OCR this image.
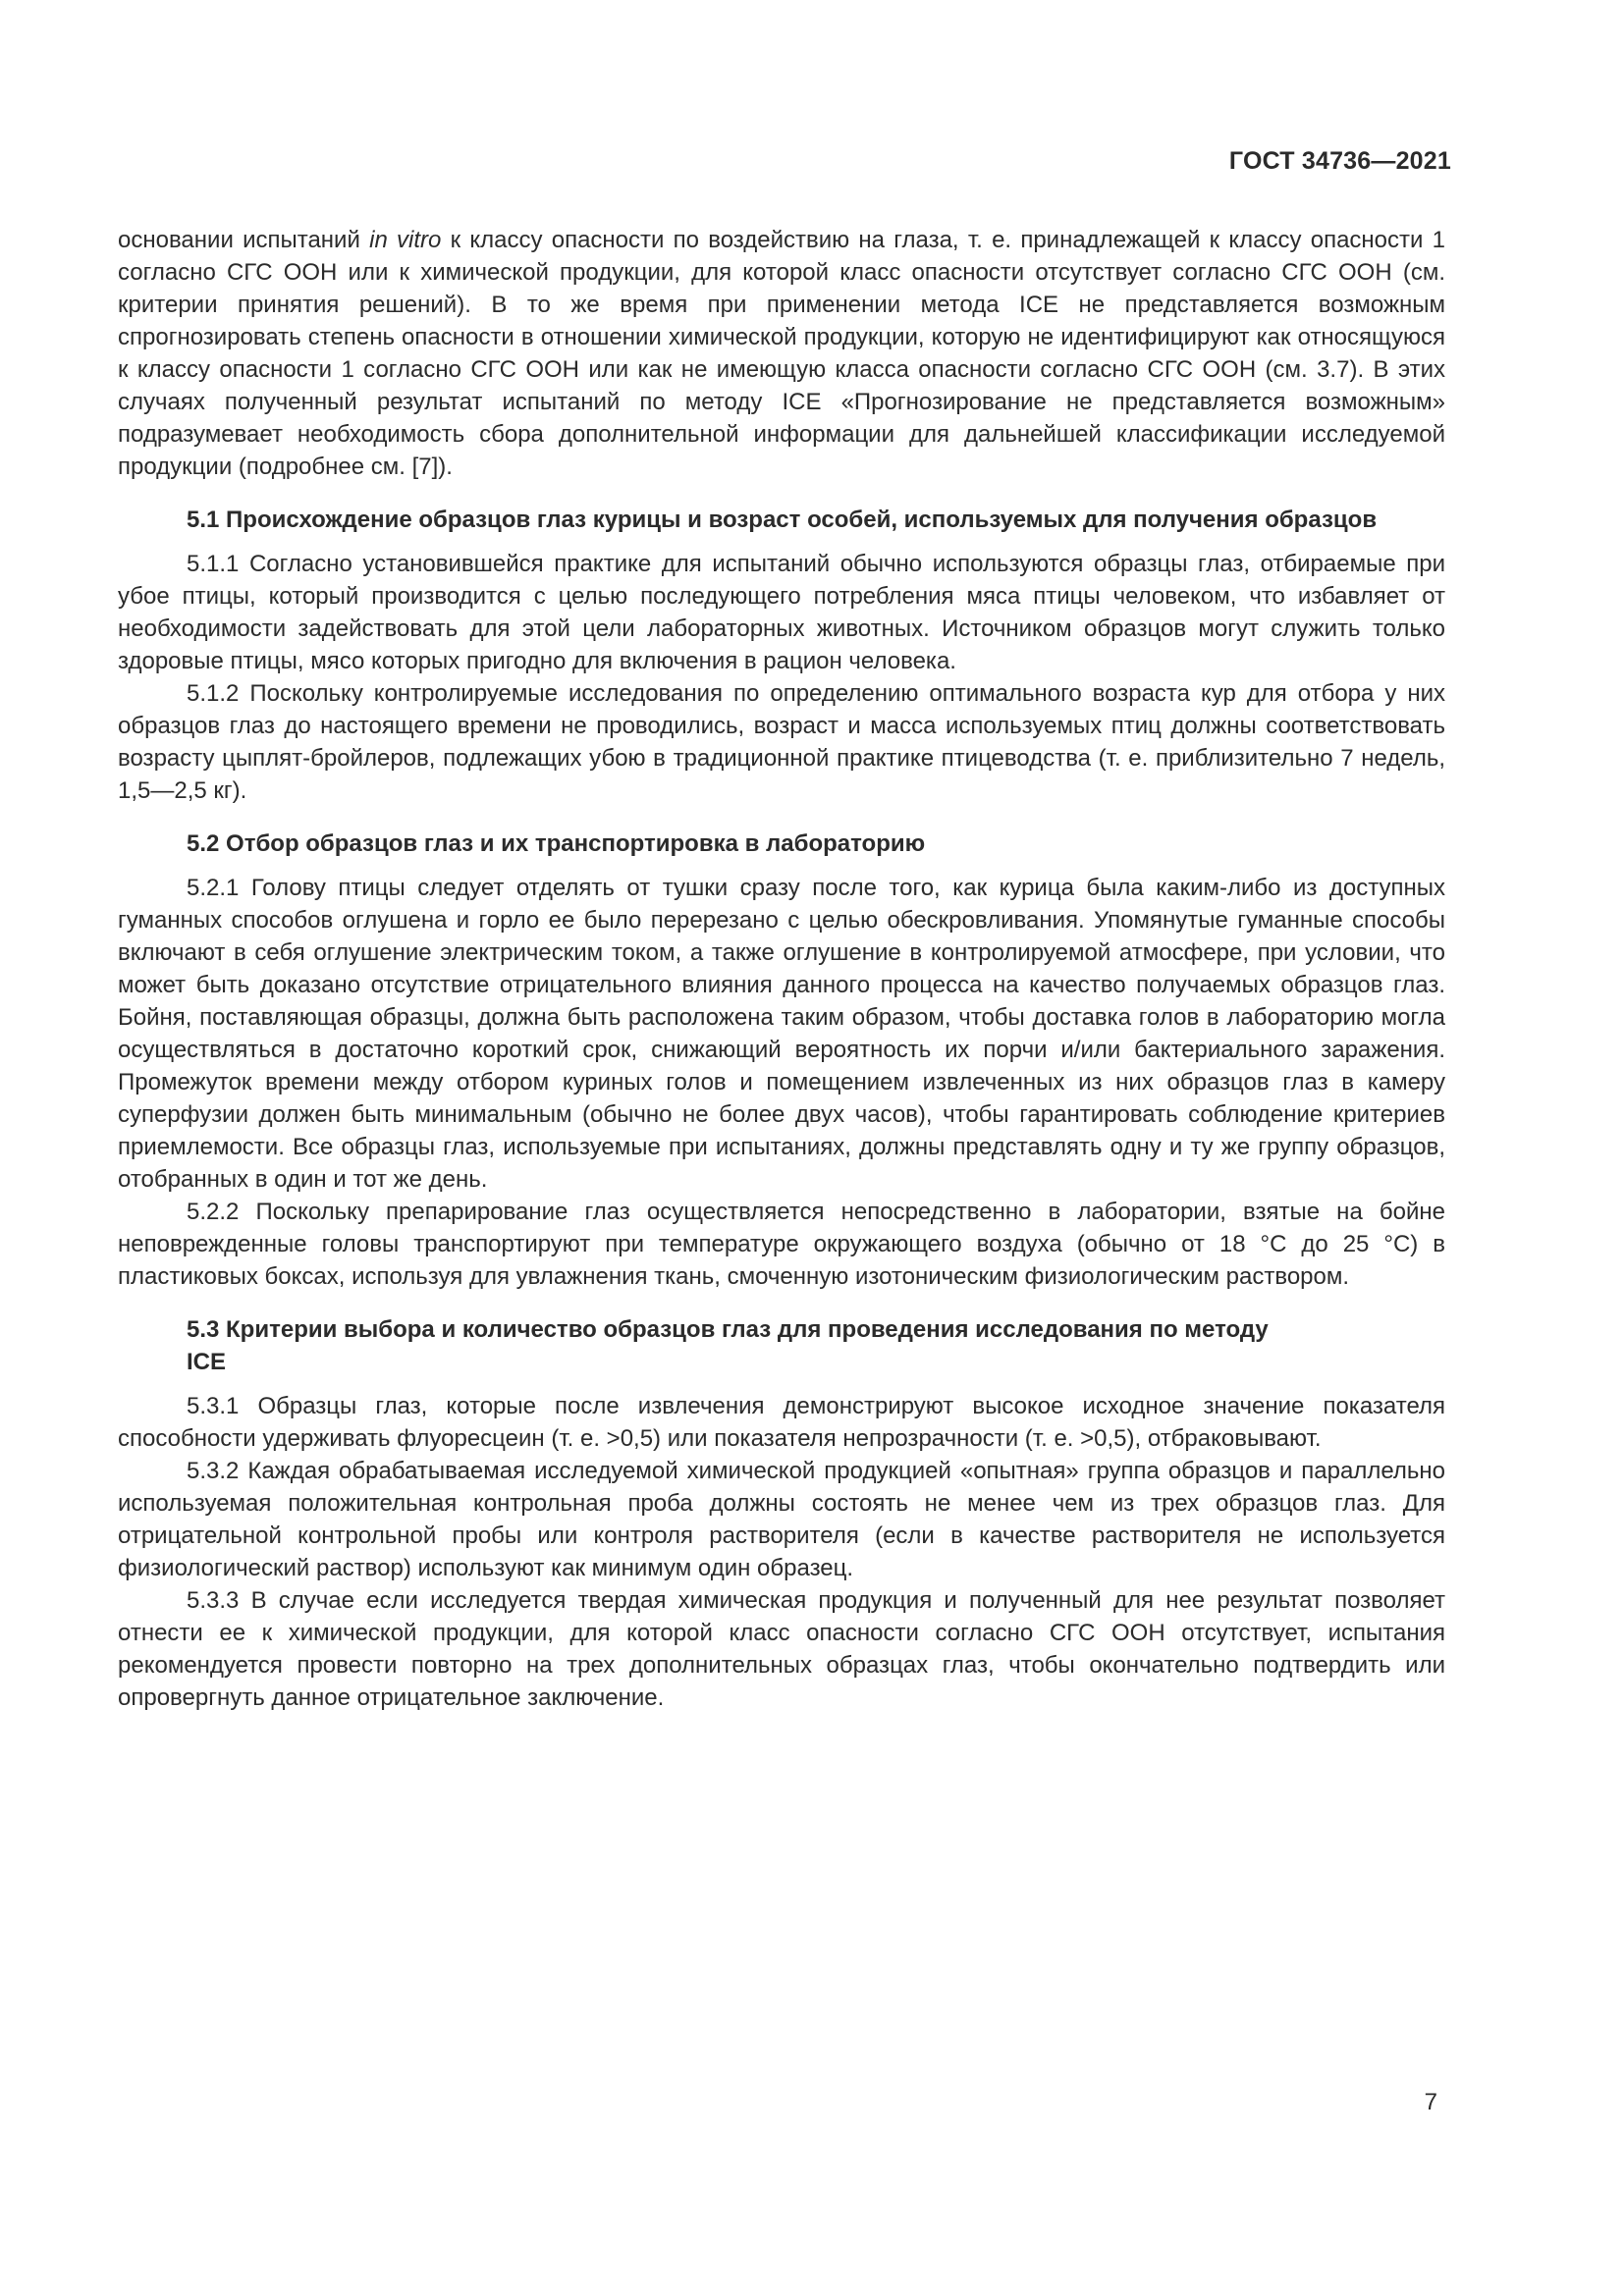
ГОСТ 34736—2021

основании испытаний in vitro к классу опасности по воздействию на глаза, т. е. принадлежащей к классу опасности 1 согласно СГС ООН или к химической продукции, для которой класс опасности отсутствует согласно СГС ООН (см. критерии принятия решений). В то же время при применении метода ICE не представляется возможным спрогнозировать степень опасности в отношении химической продукции, которую не идентифицируют как относящуюся к классу опасности 1 согласно СГС ООН или как не имеющую класса опасности согласно СГС ООН (см. 3.7). В этих случаях полученный результат испытаний по методу ICE «Прогнозирование не представляется возможным» подразумевает необходимость сбора дополнительной информации для дальнейшей классификации исследуемой продукции (подробнее см. [7]).

5.1 Происхождение образцов глаз курицы и возраст особей, используемых для получения образцов

5.1.1 Согласно установившейся практике для испытаний обычно используются образцы глаз, отбираемые при убое птицы, который производится с целью последующего потребления мяса птицы человеком, что избавляет от необходимости задействовать для этой цели лабораторных животных. Источником образцов могут служить только здоровые птицы, мясо которых пригодно для включения в рацион человека.

5.1.2 Поскольку контролируемые исследования по определению оптимального возраста кур для отбора у них образцов глаз до настоящего времени не проводились, возраст и масса используемых птиц должны соответствовать возрасту цыплят-бройлеров, подлежащих убою в традиционной практике птицеводства (т. е. приблизительно 7 недель, 1,5—2,5 кг).

5.2 Отбор образцов глаз и их транспортировка в лабораторию

5.2.1 Голову птицы следует отделять от тушки сразу после того, как курица была каким-либо из доступных гуманных способов оглушена и горло ее было перерезано с целью обескровливания. Упомянутые гуманные способы включают в себя оглушение электрическим током, а также оглушение в контролируемой атмосфере, при условии, что может быть доказано отсутствие отрицательного влияния данного процесса на качество получаемых образцов глаз. Бойня, поставляющая образцы, должна быть расположена таким образом, чтобы доставка голов в лабораторию могла осуществляться в достаточно короткий срок, снижающий вероятность их порчи и/или бактериального заражения. Промежуток времени между отбором куриных голов и помещением извлеченных из них образцов глаз в камеру суперфузии должен быть минимальным (обычно не более двух часов), чтобы гарантировать соблюдение критериев приемлемости. Все образцы глаз, используемые при испытаниях, должны представлять одну и ту же группу образцов, отобранных в один и тот же день.

5.2.2 Поскольку препарирование глаз осуществляется непосредственно в лаборатории, взятые на бойне неповрежденные головы транспортируют при температуре окружающего воздуха (обычно от 18 °С до 25 °С) в пластиковых боксах, используя для увлажнения ткань, смоченную изотоническим физиологическим раствором.

5.3 Критерии выбора и количество образцов глаз для проведения исследования по методу ICE

5.3.1 Образцы глаз, которые после извлечения демонстрируют высокое исходное значение показателя способности удерживать флуоресцеин (т. е. >0,5) или показателя непрозрачности (т. е. >0,5), отбраковывают.

5.3.2 Каждая обрабатываемая исследуемой химической продукцией «опытная» группа образцов и параллельно используемая положительная контрольная проба должны состоять не менее чем из трех образцов глаз. Для отрицательной контрольной пробы или контроля растворителя (если в качестве растворителя не используется физиологический раствор) используют как минимум один образец.

5.3.3 В случае если исследуется твердая химическая продукция и полученный для нее результат позволяет отнести ее к химической продукции, для которой класс опасности согласно СГС ООН отсутствует, испытания рекомендуется провести повторно на трех дополнительных образцах глаз, чтобы окончательно подтвердить или опровергнуть данное отрицательное заключение.

7
